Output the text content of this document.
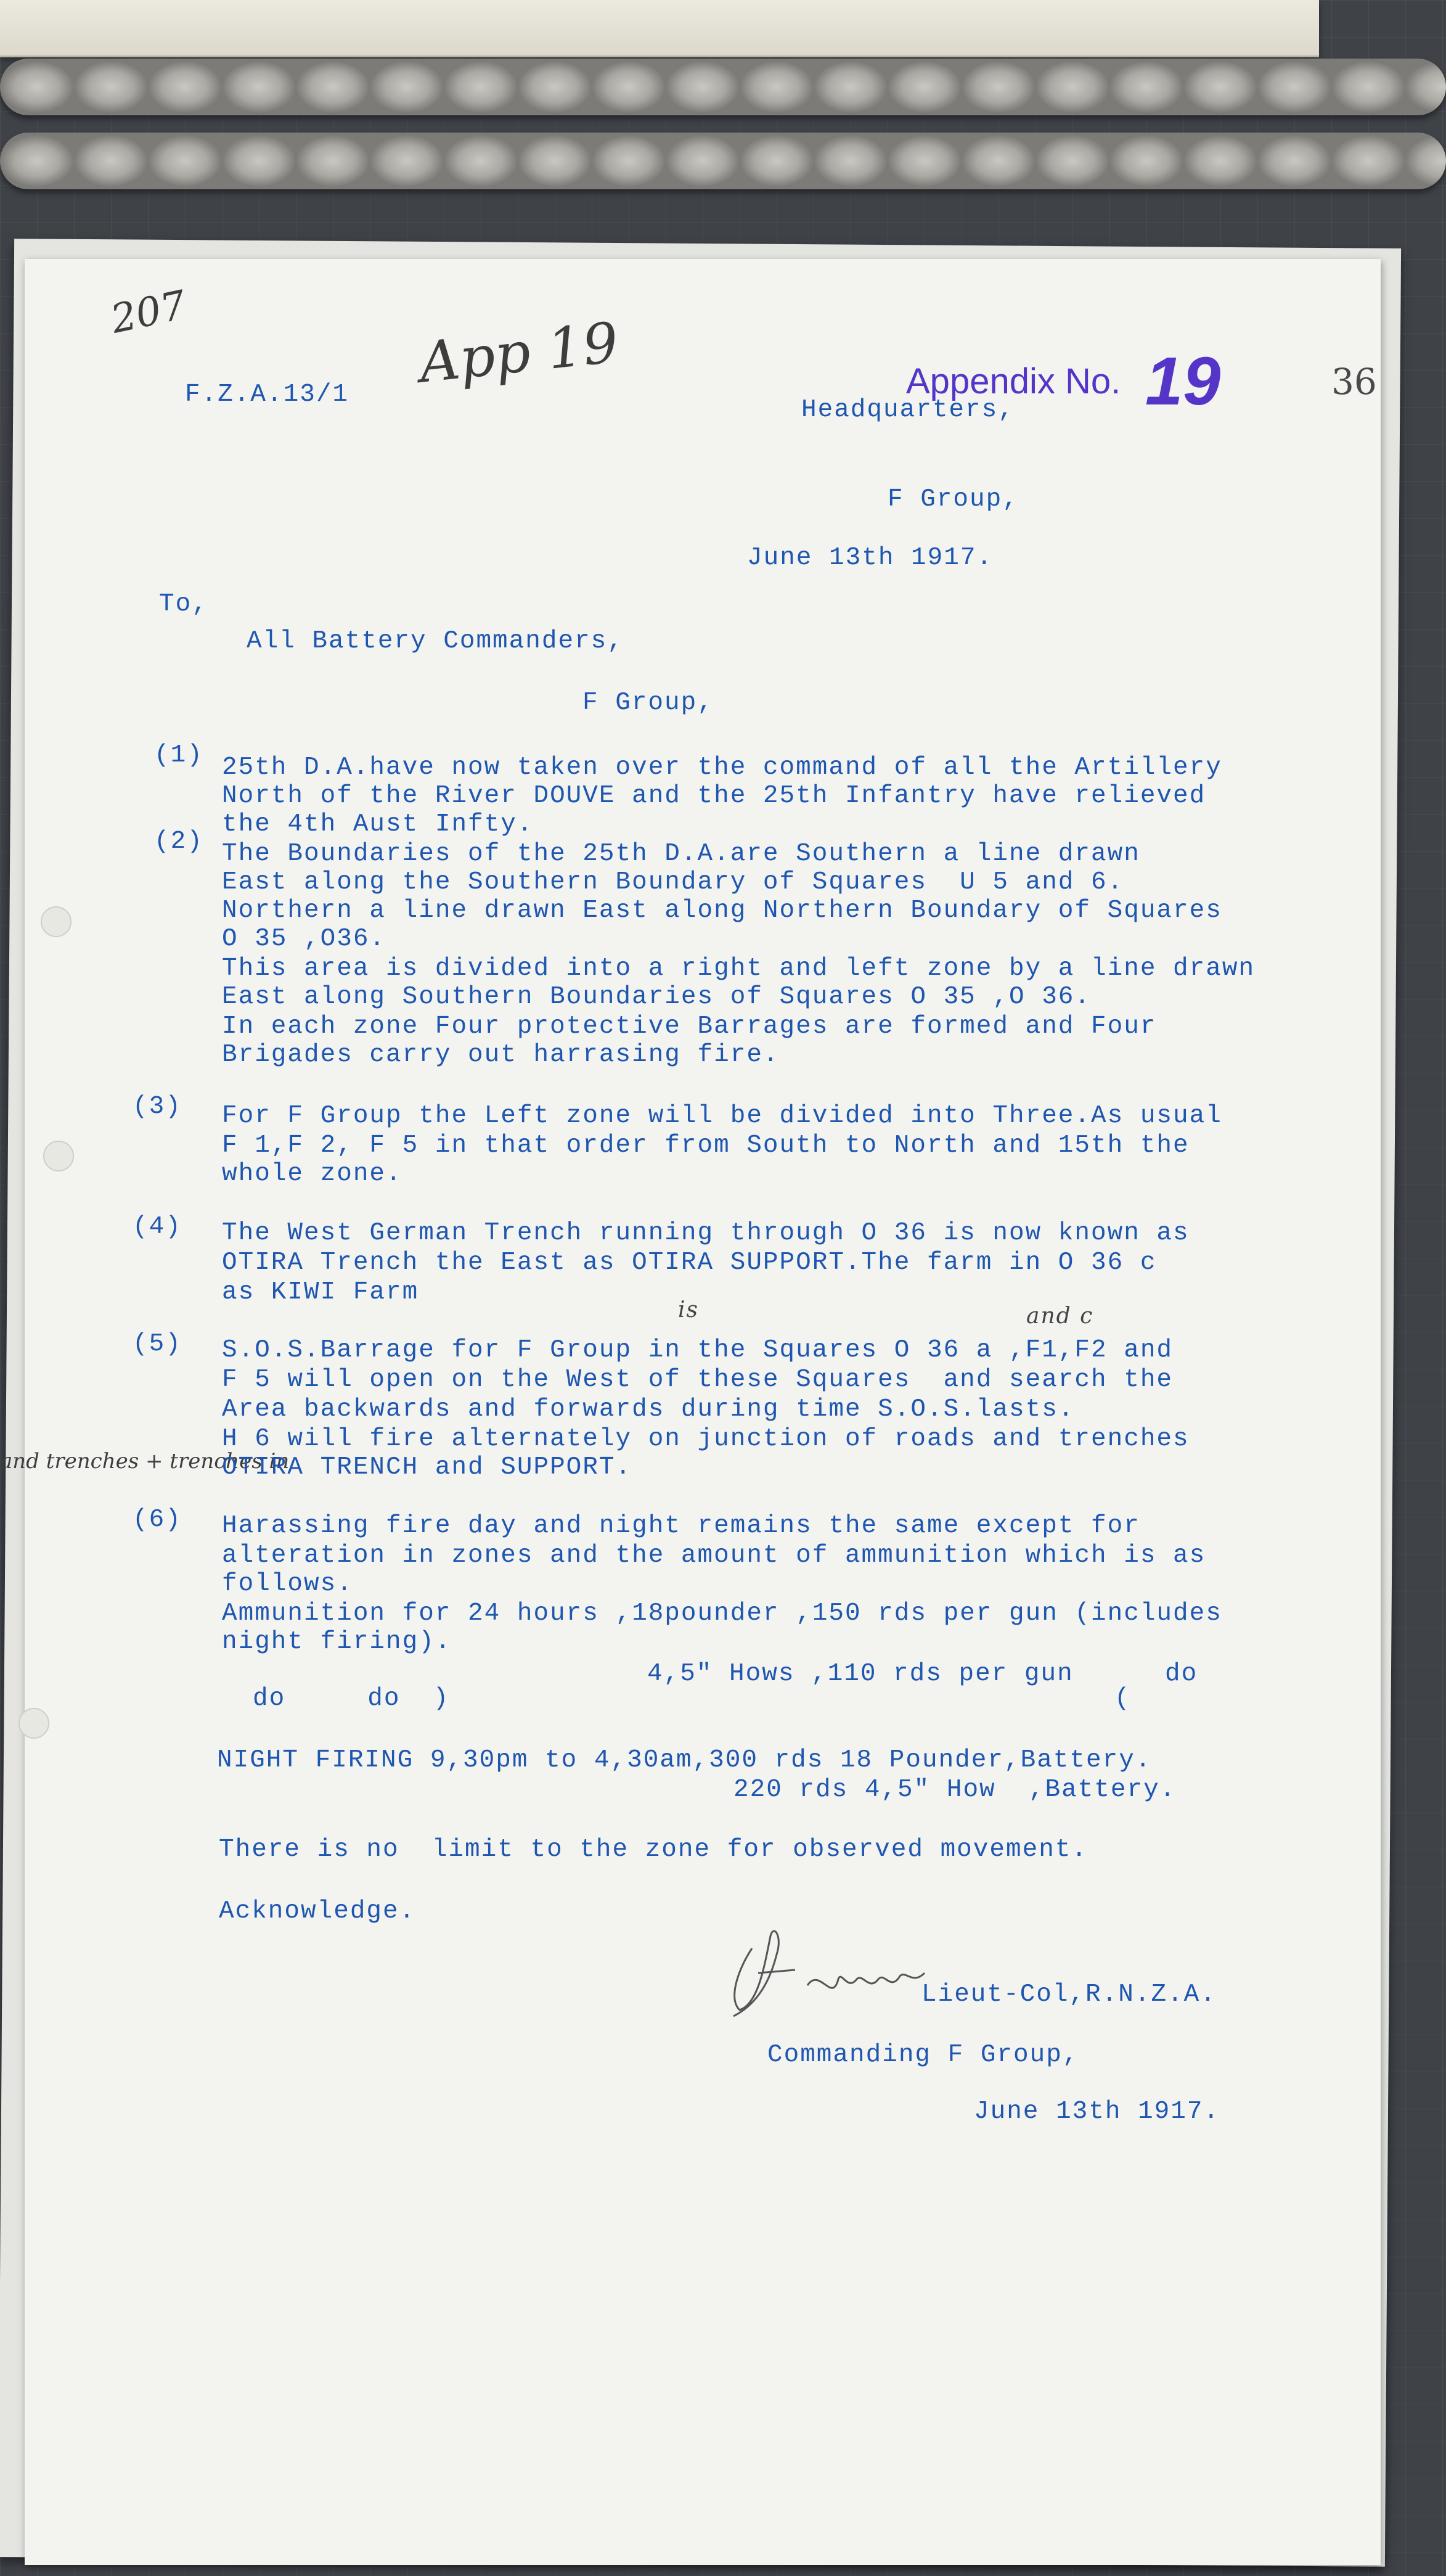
207	App 19	Appendix No. 19	36
and trenches + trenches in
F.Z.A.13/1
Headquarters,
F Group,
June 13th 1917.
To,
All Battery Commanders,
F Group,
(1) 25th D.A.have now taken over the command of all the Artillery
North of the River DOUVE and the 25th Infantry have relieved
the 4th Aust Infty.
(2) The Boundaries of the 25th D.A.are Southern a line drawn
East along the Southern Boundary of Squares  U 5 and 6.
Northern a line drawn East along Northern Boundary of Squares
O 35 ,O36.
This area is divided into a right and left zone by a line drawn
East along Southern Boundaries of Squares O 35 ,O 36.
In each zone Four protective Barrages are formed and Four
Brigades carry out harrasing fire.
(3) For F Group the Left zone will be divided into Three.As usual
F 1,F 2, F 5 in that order from South to North and 15th the
whole zone.
(4) The West German Trench running through O 36 is now known as
OTIRA Trench the East as OTIRA SUPPORT.The farm in O 36 c
as KIWI Farm
is	and c
(5) S.O.S.Barrage for F Group in the Squares O 36 a ,F1,F2 and
F 5 will open on the West of these Squares  and search the
Area backwards and forwards during time S.O.S.lasts.
H 6 will fire alternately on junction of roads and trenches
OTIRA TRENCH and SUPPORT.
(6) Harassing fire day and night remains the same except for
alteration in zones and the amount of ammunition which is as
follows.
Ammunition for 24 hours ,18pounder ,150 rds per gun (includes
night firing).
do     do  )
4,5" Hows ,110 rds per gun
(
do
NIGHT FIRING 9,30pm to 4,30am,300 rds 18 Pounder,Battery.
220 rds 4,5" How  ,Battery.
There is no  limit to the zone for observed movement.
Acknowledge.
Lieut-Col,R.N.Z.A.
Commanding F Group,
June 13th 1917.
